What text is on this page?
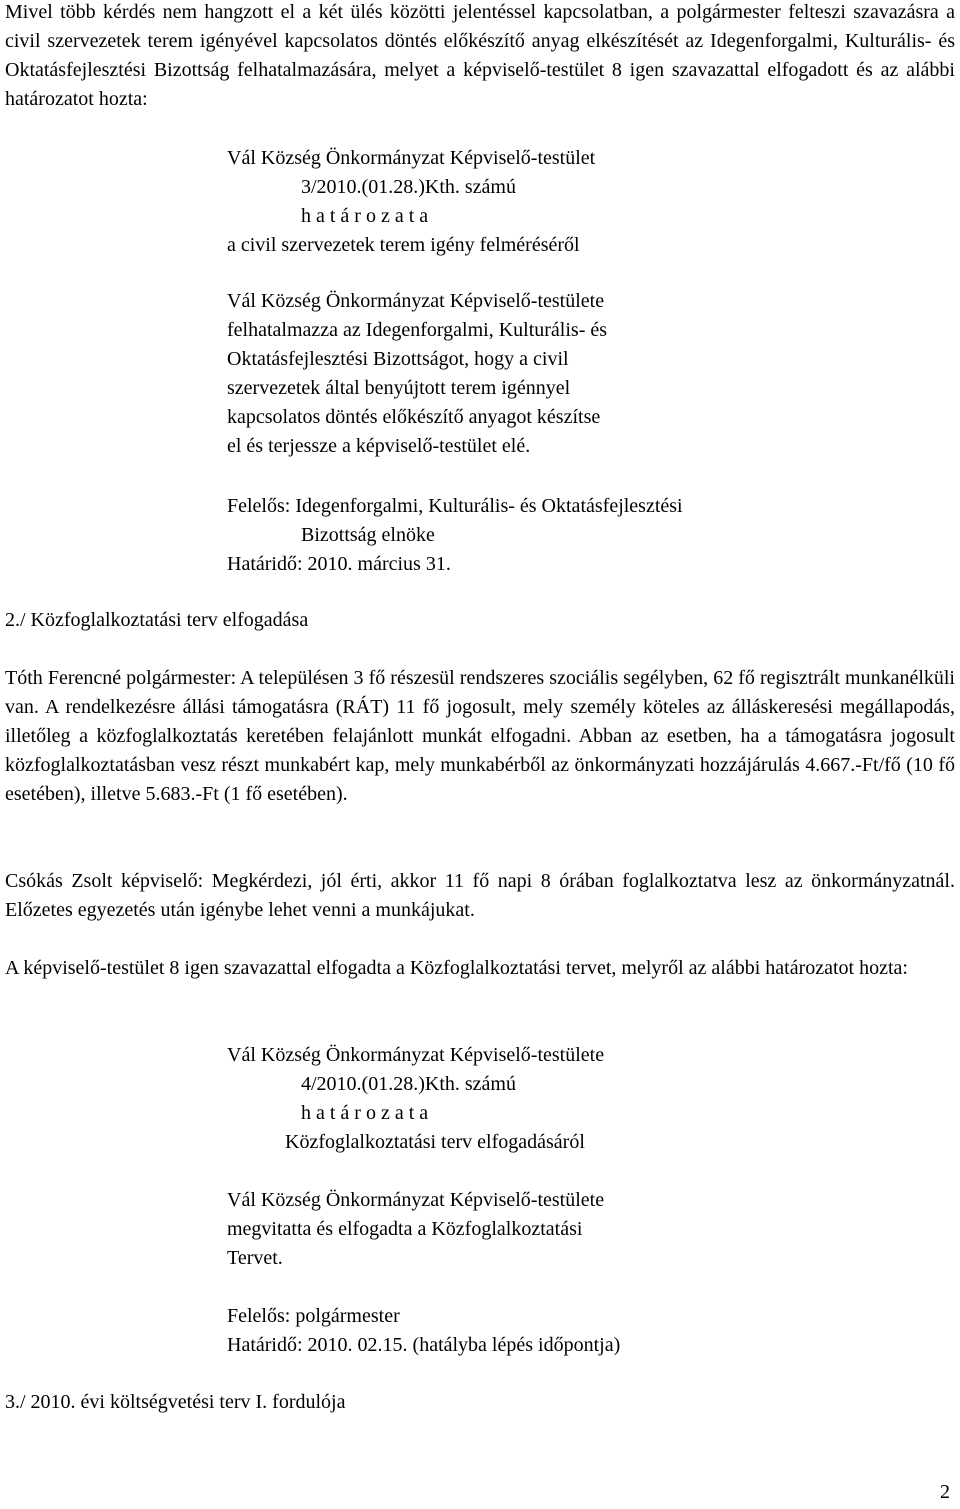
Mivel több kérdés nem hangzott el a két ülés közötti jelentéssel kapcsolatban, a polgármester felteszi szavazásra a civil szervezetek terem igényével kapcsolatos döntés előkészítő anyag elkészítését az Idegenforgalmi, Kulturális- és Oktatásfejlesztési Bizottság felhatalmazására, melyet a képviselő-testület 8 igen szavazattal elfogadott és az alábbi határozatot hozta:
Vál Község Önkormányzat Képviselő-testület
3/2010.(01.28.)Kth. számú
h a t á r o z a t a
a civil szervezetek terem igény felméréséről
Vál Község Önkormányzat Képviselő-testülete
felhatalmazza az Idegenforgalmi, Kulturális- és
Oktatásfejlesztési Bizottságot, hogy a civil
szervezetek által benyújtott terem igénnyel
kapcsolatos döntés előkészítő anyagot készítse
el és terjessze a képviselő-testület elé.
Felelős: Idegenforgalmi, Kulturális- és Oktatásfejlesztési
Bizottság elnöke
Határidő: 2010. március 31.
2./ Közfoglalkoztatási terv elfogadása
Tóth Ferencné polgármester: A településen 3 fő részesül rendszeres szociális segélyben, 62 fő regisztrált munkanélküli van. A rendelkezésre állási támogatásra (RÁT) 11 fő jogosult, mely személy köteles az álláskeresési megállapodás, illetőleg a közfoglalkoztatás keretében felajánlott munkát elfogadni. Abban az esetben, ha a támogatásra jogosult közfoglalkoztatásban vesz részt munkabért kap, mely munkabérből az önkormányzati hozzájárulás 4.667.-Ft/fő (10 fő esetében), illetve 5.683.-Ft (1 fő esetében).
Csókás Zsolt képviselő: Megkérdezi, jól érti, akkor 11 fő napi 8 órában foglalkoztatva lesz az önkormányzatnál. Előzetes egyezetés után igénybe lehet venni a munkájukat.
A képviselő-testület 8 igen szavazattal elfogadta a Közfoglalkoztatási tervet, melyről az alábbi határozatot hozta:
Vál Község Önkormányzat Képviselő-testülete
4/2010.(01.28.)Kth. számú
h a t á r o z a t a
Közfoglalkoztatási terv elfogadásáról
Vál Község Önkormányzat Képviselő-testülete
megvitatta és elfogadta a Közfoglalkoztatási
Tervet.
Felelős: polgármester
Határidő: 2010. 02.15. (hatályba lépés időpontja)
3./ 2010. évi költségvetési terv I. fordulója
2
